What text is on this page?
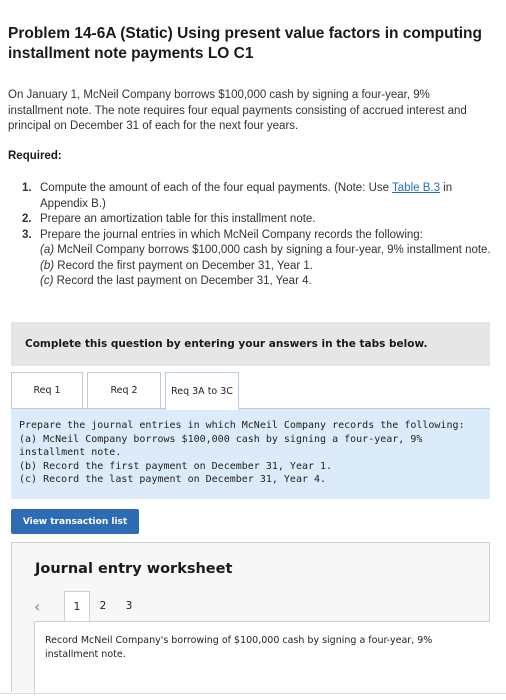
Problem 14-6A (Static) Using present value factors in computing installment note payments LO C1
On January 1, McNeil Company borrows $100,000 cash by signing a four-year, 9% installment note. The note requires four equal payments consisting of accrued interest and principal on December 31 of each for the next four years.
Required:
1. Compute the amount of each of the four equal payments. (Note: Use Table B.3 in Appendix B.)
2. Prepare an amortization table for this installment note.
3. Prepare the journal entries in which McNeil Company records the following:
(a) McNeil Company borrows $100,000 cash by signing a four-year, 9% installment note.
(b) Record the first payment on December 31, Year 1.
(c) Record the last payment on December 31, Year 4.
Complete this question by entering your answers in the tabs below.
Req 1	Req 2	Req 3A to 3C
Prepare the journal entries in which McNeil Company records the following:
(a) McNeil Company borrows $100,000 cash by signing a four-year, 9% installment note.
(b) Record the first payment on December 31, Year 1.
(c) Record the last payment on December 31, Year 4.
View transaction list
Journal entry worksheet
‹	1	2	3
Record McNeil Company's borrowing of $100,000 cash by signing a four-year, 9% installment note.
